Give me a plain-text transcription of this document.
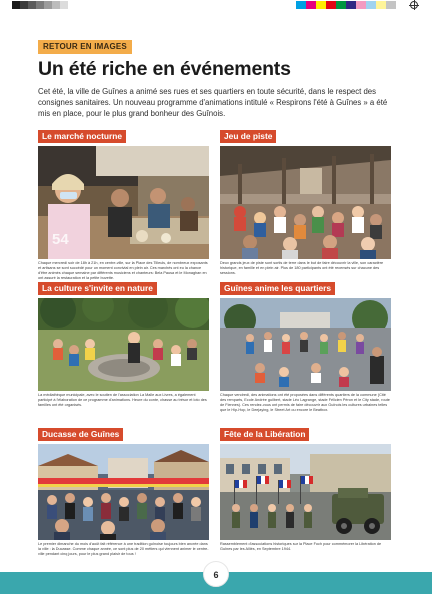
RETOUR EN IMAGES
Un été riche en événements

Cet été, la ville de Guînes a animé ses rues et ses quartiers en toute sécurité, dans le respect des consignes sanitaires. Un nouveau programme d'animations intitulé « Respirons l'été à Guînes » a été mis en place, pour le plus grand bonheur des Guînois.

Le marché nocturne
54

Chaque mercredi soir de 18h à 21h, en centre-ville, sur la Place des Tilleuls, de nombreux exposants et artisans se sont succédé pour un moment convivial en plein air. Ces marchés ont eu la chance d'être animés chaque semaine par différents musiciens et chanteurs: Bela Pausa et le Monaghan en ont assuré la restauration et la petite buvette.

Jeu de piste

Deux grands jeux de piste sont sortis de terre dans le but de faire découvrir la ville, son caractère historique, en famille et en plein air. Plus de 180 participants ont été recensés sur chacune des sessions.

La culture s'invite en nature

La médiathèque municipale, avec le soutien de l'association La Malle aux Livres, a également participé à l'élaboration de ce programme d'animations. Heure du conte, chasse au trésor et loto des familles ont été organisés.

Guînes anime les quartiers

Chaque vendredi, des animations ont été proposées dans différents quartiers de la commune (Cité des remparts, Ecole Andrée guilbert, stade Léo Lagrange, stade Félicien Péron et le City stade, route de Fiennes). Ces rendez-vous ont permis de faire découvrir aux Guînois les cultures urbaines telles que le Hip-Hop, le Deejaying, le Street Art ou encore le Beatbox.

Ducasse de Guînes

Le premier dimanche du mois d'août fait référence à une tradition guînoise toujours bien ancrée dans la ville : la Ducasse. Comme chaque année, ce sont plus de 20 métiers qui viennent animer le centre-ville pendant cinq jours, pour le plus grand plaisir de tous !

Fête de la Libération

Rassemblement d'associations historiques sur la Place Foch pour commémorer la Libération de Guînes par les Alliés, en Septembre 1944.

6
